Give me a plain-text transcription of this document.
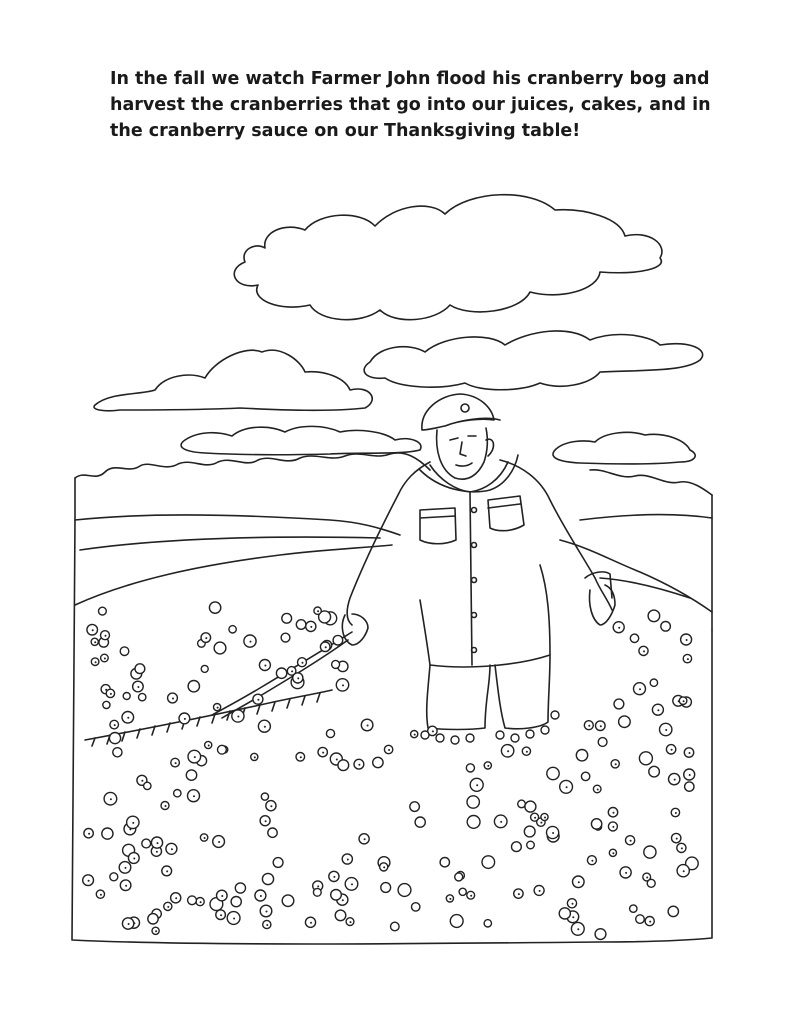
In the fall we watch Farmer John flood his cranberry bog and
harvest the cranberries that go into our juices, cakes, and in
the cranberry sauce on our Thanksgiving table!
